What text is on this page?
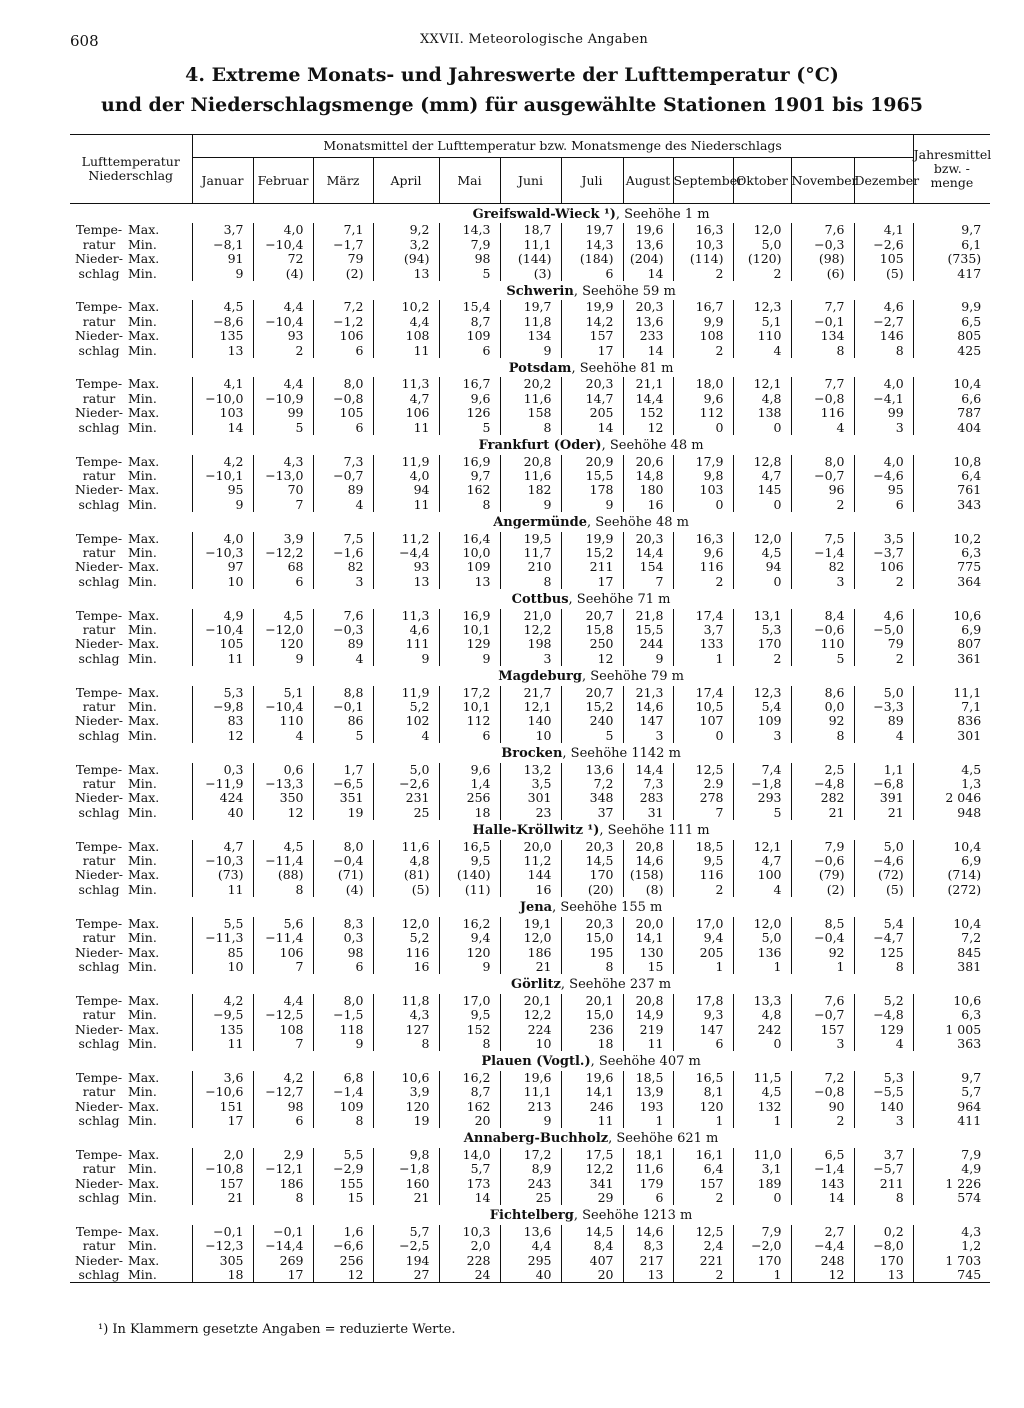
608	XXVII. Meteorologische Angaben
4. Extreme Monats- und Jahreswerte der Lufttemperatur (°C)
und der Niederschlagsmenge (mm) für ausgewählte Stationen 1901 bis 1965
Lufttemperatur Niederschlag		Monatsmittel der Lufttemperatur bzw. Monatsmenge des Niederschlags												Jahresmittel bzw. -menge
		Januar	Februar	März	April	Mai	Juni	Juli	August	September	Oktober	November	Dezember	
		Greifswald-Wieck ¹), Seehöhe 1 m												
Tempe-	Max.	3,7	4,0	7,1	9,2	14,3	18,7	19,7	19,6	16,3	12,0	7,6	4,1	9,7
ratur	Min.	−8,1	−10,4	−1,7	3,2	7,9	11,1	14,3	13,6	10,3	5,0	−0,3	−2,6	6,1
Nieder-	Max.	91	72	79	(94)	98	(144)	(184)	(204)	(114)	(120)	(98)	105	(735)
schlag	Min.	9	(4)	(2)	13	5	(3)	6	14	2	2	(6)	(5)	417
		Schwerin, Seehöhe 59 m												
Tempe-	Max.	4,5	4,4	7,2	10,2	15,4	19,7	19,9	20,3	16,7	12,3	7,7	4,6	9,9
ratur	Min.	−8,6	−10,4	−1,2	4,4	8,7	11,8	14,2	13,6	9,9	5,1	−0,1	−2,7	6,5
Nieder-	Max.	135	93	106	108	109	134	157	233	108	110	134	146	805
schlag	Min.	13	2	6	11	6	9	17	14	2	4	8	8	425
		Potsdam, Seehöhe 81 m												
Tempe-	Max.	4,1	4,4	8,0	11,3	16,7	20,2	20,3	21,1	18,0	12,1	7,7	4,0	10,4
ratur	Min.	−10,0	−10,9	−0,8	4,7	9,6	11,6	14,7	14,4	9,6	4,8	−0,8	−4,1	6,6
Nieder-	Max.	103	99	105	106	126	158	205	152	112	138	116	99	787
schlag	Min.	14	5	6	11	5	8	14	12	0	0	4	3	404
		Frankfurt (Oder), Seehöhe 48 m												
Tempe-	Max.	4,2	4,3	7,3	11,9	16,9	20,8	20,9	20,6	17,9	12,8	8,0	4,0	10,8
ratur	Min.	−10,1	−13,0	−0,7	4,0	9,7	11,6	15,5	14,8	9,8	4,7	−0,7	−4,6	6,4
Nieder-	Max.	95	70	89	94	162	182	178	180	103	145	96	95	761
schlag	Min.	9	7	4	11	8	9	9	16	0	0	2	6	343
		Angermünde, Seehöhe 48 m												
Tempe-	Max.	4,0	3,9	7,5	11,2	16,4	19,5	19,9	20,3	16,3	12,0	7,5	3,5	10,2
ratur	Min.	−10,3	−12,2	−1,6	−4,4	10,0	11,7	15,2	14,4	9,6	4,5	−1,4	−3,7	6,3
Nieder-	Max.	97	68	82	93	109	210	211	154	116	94	82	106	775
schlag	Min.	10	6	3	13	13	8	17	7	2	0	3	2	364
		Cottbus, Seehöhe 71 m												
Tempe-	Max.	4,9	4,5	7,6	11,3	16,9	21,0	20,7	21,8	17,4	13,1	8,4	4,6	10,6
ratur	Min.	−10,4	−12,0	−0,3	4,6	10,1	12,2	15,8	15,5	3,7	5,3	−0,6	−5,0	6,9
Nieder-	Max.	105	120	89	111	129	198	250	244	133	170	110	79	807
schlag	Min.	11	9	4	9	9	3	12	9	1	2	5	2	361
		Magdeburg, Seehöhe 79 m												
Tempe-	Max.	5,3	5,1	8,8	11,9	17,2	21,7	20,7	21,3	17,4	12,3	8,6	5,0	11,1
ratur	Min.	−9,8	−10,4	−0,1	5,2	10,1	12,1	15,2	14,6	10,5	5,4	0,0	−3,3	7,1
Nieder-	Max.	83	110	86	102	112	140	240	147	107	109	92	89	836
schlag	Min.	12	4	5	4	6	10	5	3	0	3	8	4	301
		Brocken, Seehöhe 1142 m												
Tempe-	Max.	0,3	0,6	1,7	5,0	9,6	13,2	13,6	14,4	12,5	7,4	2,5	1,1	4,5
ratur	Min.	−11,9	−13,3	−6,5	−2,6	1,4	3,5	7,2	7,3	2.9	−1,8	−4,8	−6,8	1,3
Nieder-	Max.	424	350	351	231	256	301	348	283	278	293	282	391	2 046
schlag	Min.	40	12	19	25	18	23	37	31	7	5	21	21	948
		Halle-Kröllwitz ¹), Seehöhe 111 m												
Tempe-	Max.	4,7	4,5	8,0	11,6	16,5	20,0	20,3	20,8	18,5	12,1	7,9	5,0	10,4
ratur	Min.	−10,3	−11,4	−0,4	4,8	9,5	11,2	14,5	14,6	9,5	4,7	−0,6	−4,6	6,9
Nieder-	Max.	(73)	(88)	(71)	(81)	(140)	144	170	(158)	116	100	(79)	(72)	(714)
schlag	Min.	11	8	(4)	(5)	(11)	16	(20)	(8)	2	4	(2)	(5)	(272)
		Jena, Seehöhe 155 m												
Tempe-	Max.	5,5	5,6	8,3	12,0	16,2	19,1	20,3	20,0	17,0	12,0	8,5	5,4	10,4
ratur	Min.	−11,3	−11,4	0,3	5,2	9,4	12,0	15,0	14,1	9,4	5,0	−0,4	−4,7	7,2
Nieder-	Max.	85	106	98	116	120	186	195	130	205	136	92	125	845
schlag	Min.	10	7	6	16	9	21	8	15	1	1	1	8	381
		Görlitz, Seehöhe 237 m												
Tempe-	Max.	4,2	4,4	8,0	11,8	17,0	20,1	20,1	20,8	17,8	13,3	7,6	5,2	10,6
ratur	Min.	−9,5	−12,5	−1,5	4,3	9,5	12,2	15,0	14,9	9,3	4,8	−0,7	−4,8	6,3
Nieder-	Max.	135	108	118	127	152	224	236	219	147	242	157	129	1 005
schlag	Min.	11	7	9	8	8	10	18	11	6	0	3	4	363
		Plauen (Vogtl.), Seehöhe 407 m												
Tempe-	Max.	3,6	4,2	6,8	10,6	16,2	19,6	19,6	18,5	16,5	11,5	7,2	5,3	9,7
ratur	Min.	−10,6	−12,7	−1,4	3,9	8,7	11,1	14,1	13,9	8,1	4,5	−0,8	−5,5	5,7
Nieder-	Max.	151	98	109	120	162	213	246	193	120	132	90	140	964
schlag	Min.	17	6	8	19	20	9	11	1	1	1	2	3	411
		Annaberg-Buchholz, Seehöhe 621 m												
Tempe-	Max.	2,0	2,9	5,5	9,8	14,0	17,2	17,5	18,1	16,1	11,0	6,5	3,7	7,9
ratur	Min.	−10,8	−12,1	−2,9	−1,8	5,7	8,9	12,2	11,6	6,4	3,1	−1,4	−5,7	4,9
Nieder-	Max.	157	186	155	160	173	243	341	179	157	189	143	211	1 226
schlag	Min.	21	8	15	21	14	25	29	6	2	0	14	8	574
		Fichtelberg, Seehöhe 1213 m												
Tempe-	Max.	−0,1	−0,1	1,6	5,7	10,3	13,6	14,5	14,6	12,5	7,9	2,7	0,2	4,3
ratur	Min.	−12,3	−14,4	−6,6	−2,5	2,0	4,4	8,4	8,3	2,4	−2,0	−4,4	−8,0	1,2
Nieder-	Max.	305	269	256	194	228	295	407	217	221	170	248	170	1 703
schlag	Min.	18	17	12	27	24	40	20	13	2	1	12	13	745
¹) In Klammern gesetzte Angaben = reduzierte Werte.
